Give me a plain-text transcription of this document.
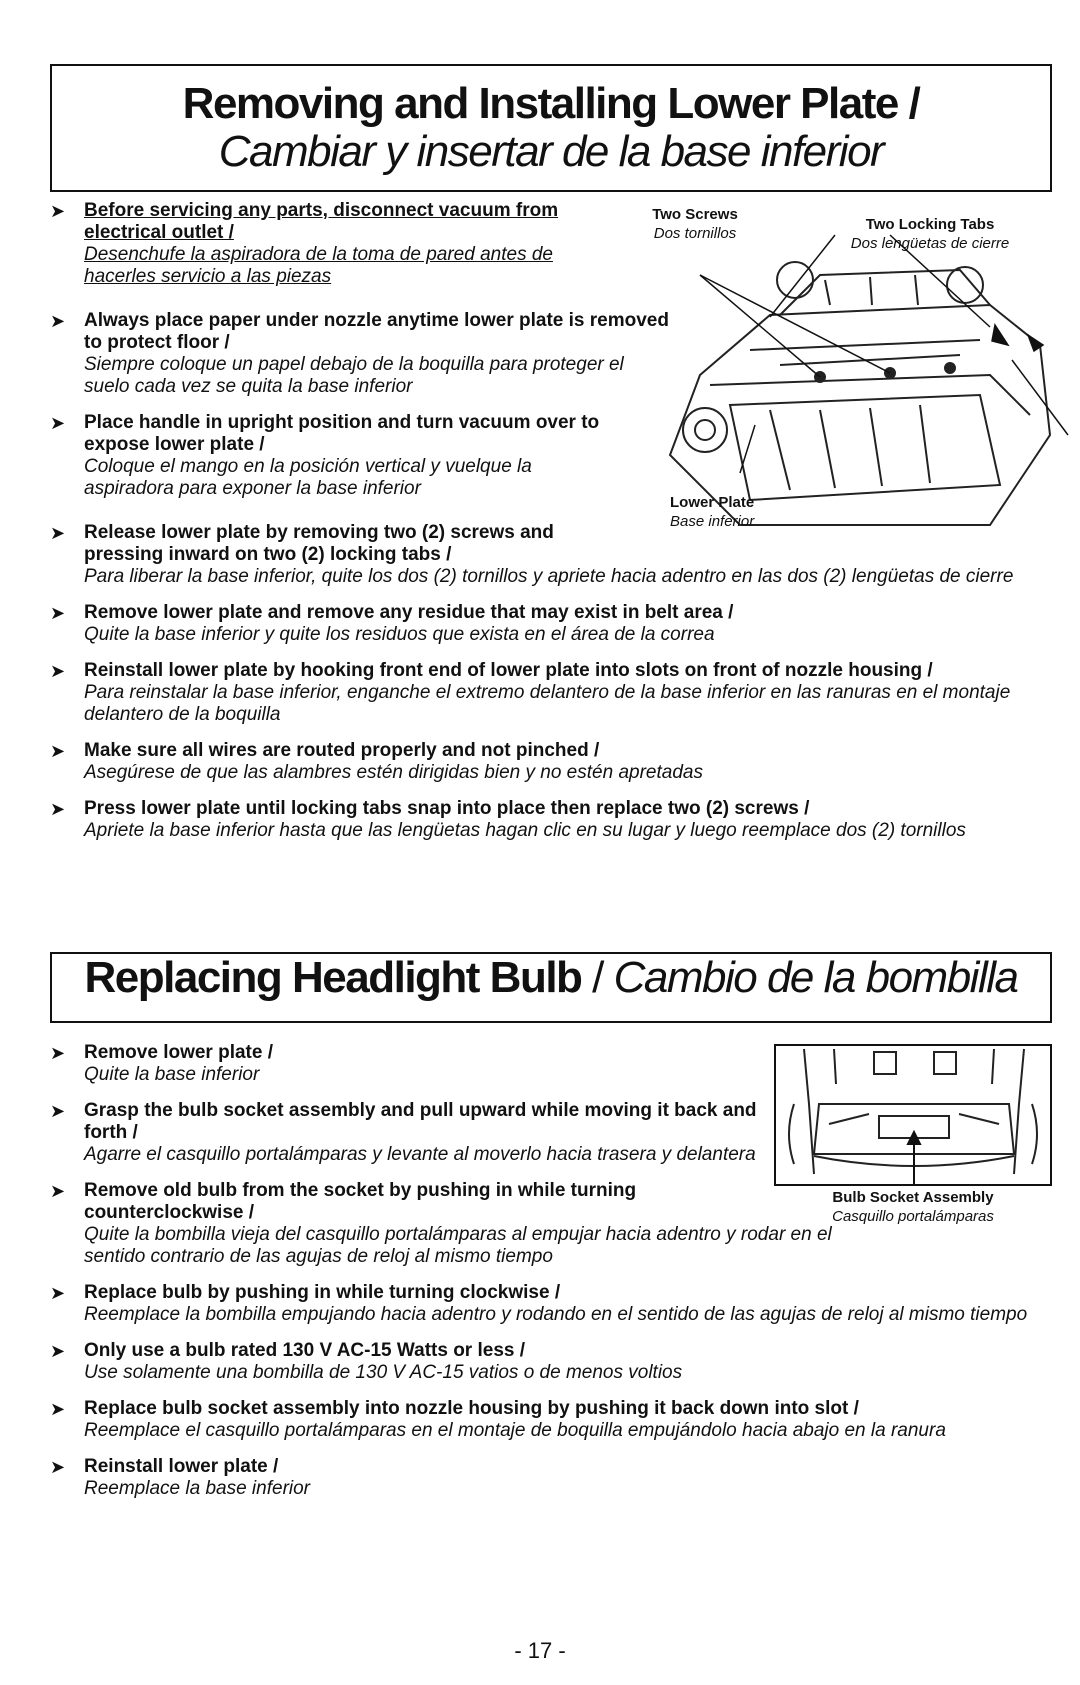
Removing and Installing Lower Plate /
Cambiar y insertar de la base inferior
➤ Before servicing any parts, disconnect vacuum from electrical outlet /
Desenchufe la aspiradora de la toma de pared antes de hacerles servicio a las piezas
➤ Always place paper under nozzle anytime lower plate is removed to protect floor /
Siempre coloque un papel debajo de la boquilla para proteger el suelo cada vez se quita la base inferior
➤ Place handle in upright position and turn vacuum over to expose lower plate /
Coloque el mango en la posición vertical y vuelque la aspiradora para exponer la base inferior
➤ Release lower plate by removing two (2) screws and pressing inward on two (2) locking tabs /
Para liberar la base inferior, quite los dos (2) tornillos y apriete hacia adentro en las dos (2) lengüetas de cierre
➤ Remove lower plate and remove any residue that may exist in belt area /
Quite la base inferior y quite los residuos que exista en el área de la correa
➤ Reinstall lower plate by hooking front end of lower plate into slots on front of nozzle housing /
Para reinstalar la base inferior, enganche el extremo delantero de la base inferior en las ranuras en el montaje delantero de la boquilla
➤ Make sure all wires are routed properly and not pinched /
Asegúrese de que las alambres estén dirigidas bien y no estén apretadas
➤ Press lower plate until locking tabs snap into place then replace two (2) screws /
Apriete la base inferior hasta que las lengüetas hagan clic en su lugar y luego reemplace dos (2) tornillos
Two Screws
Dos tornillos
Two Locking Tabs
Dos lengüetas de cierre
Lower Plate
Base inferior
Replacing Headlight Bulb / Cambio de la bombilla
➤ Remove lower plate /
Quite la base inferior
➤ Grasp the bulb socket assembly and pull upward while moving it back and forth /
Agarre el casquillo portalámparas y levante al moverlo hacia trasera y delantera
➤ Remove old bulb from the socket by pushing in while turning counterclockwise /
Quite la bombilla vieja del casquillo portalámparas al empujar hacia adentro y rodar en el sentido contrario de las agujas de reloj al mismo tiempo
➤ Replace bulb by pushing in while turning clockwise /
Reemplace la bombilla empujando hacia adentro y rodando en el sentido de las agujas de reloj al mismo tiempo
➤ Only use a bulb rated 130 V AC-15 Watts or less /
Use solamente una bombilla de 130 V AC-15 vatios o de menos voltios
➤ Replace bulb socket assembly into nozzle housing by pushing it back down into slot /
Reemplace el casquillo portalámparas en el montaje de boquilla empujándolo hacia abajo en la ranura
➤ Reinstall lower plate /
Reemplace la base inferior
Bulb Socket Assembly
Casquillo portalámparas
- 17 -
